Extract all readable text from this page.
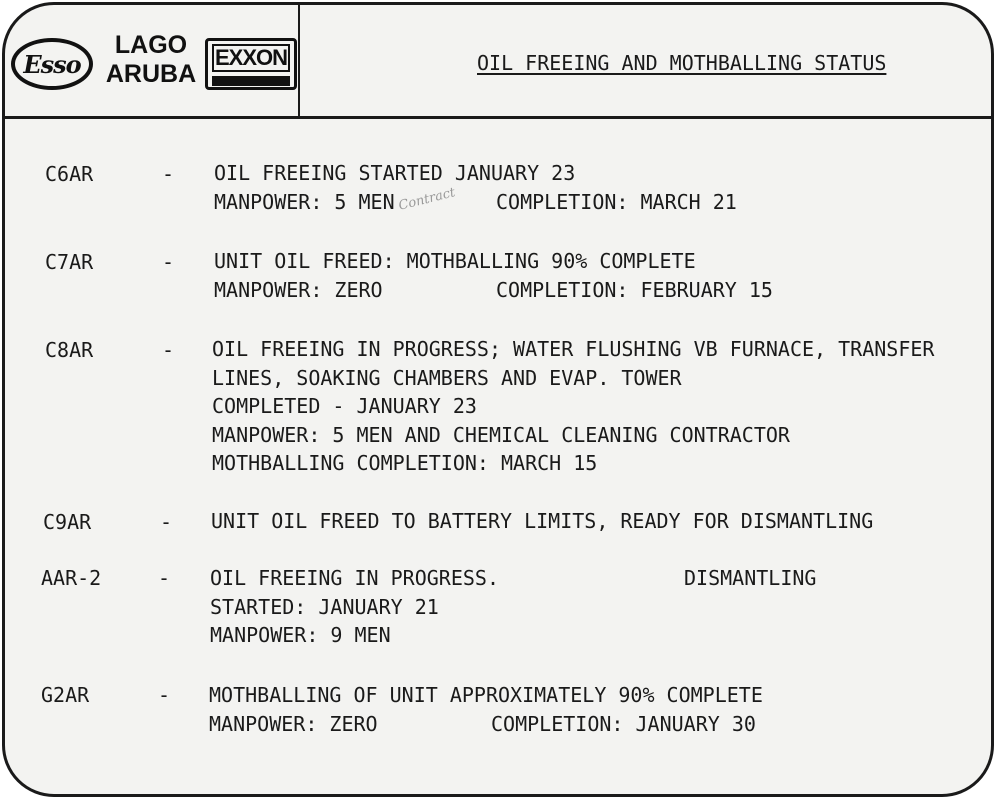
Esso
LAGO
ARUBA
EXXON	OIL FREEING AND MOTHBALLING STATUS
C6AR	- OIL FREEING STARTED JANUARY 23
MANPOWER: 5 MEN	COMPLETION: MARCH 21
Contract
C7AR	- UNIT OIL FREED: MOTHBALLING 90% COMPLETE
MANPOWER: ZERO	COMPLETION: FEBRUARY 15
C8AR	- OIL FREEING IN PROGRESS; WATER FLUSHING VB FURNACE, TRANSFER
LINES, SOAKING CHAMBERS AND EVAP. TOWER
COMPLETED - JANUARY 23
MANPOWER: 5 MEN AND CHEMICAL CLEANING CONTRACTOR
MOTHBALLING COMPLETION: MARCH 15
C9AR	- UNIT OIL FREED TO BATTERY LIMITS, READY FOR DISMANTLING
AAR-2	- OIL FREEING IN PROGRESS.	DISMANTLING
STARTED: JANUARY 21
MANPOWER: 9 MEN
G2AR	- MOTHBALLING OF UNIT APPROXIMATELY 90% COMPLETE
MANPOWER: ZERO	COMPLETION: JANUARY 30
